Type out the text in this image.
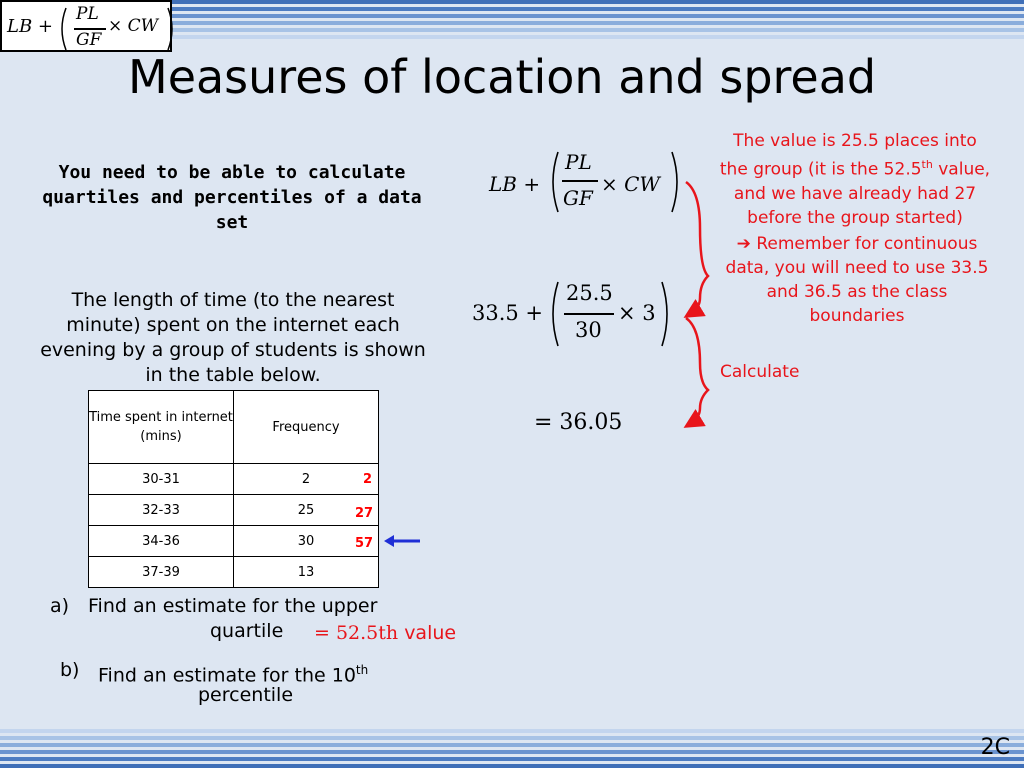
LB +
PL
GF
× CW
Measures of location and spread
You need to be able to calculate quartiles and percentiles of a data set
The length of time (to the nearest minute) spent on the internet each evening by a group of students is shown in the table below.
Time spent in internet (mins)	Frequency
30-31	2
32-33	25
34-36	30
37-39	13
2
27
57
a) Find an estimate for the upper
quartile = 52.5th value
b) Find an estimate for the 10th
percentile
LB +
PL
GF
× CW
33.5 +
25.5
30
× 3
= 36.05
The value is 25.5 places into
the group (it is the 52.5th value,
and we have already had 27
before the group started)
➔ Remember for continuous
data, you will need to use 33.5
and 36.5 as the class
boundaries
Calculate
2C
